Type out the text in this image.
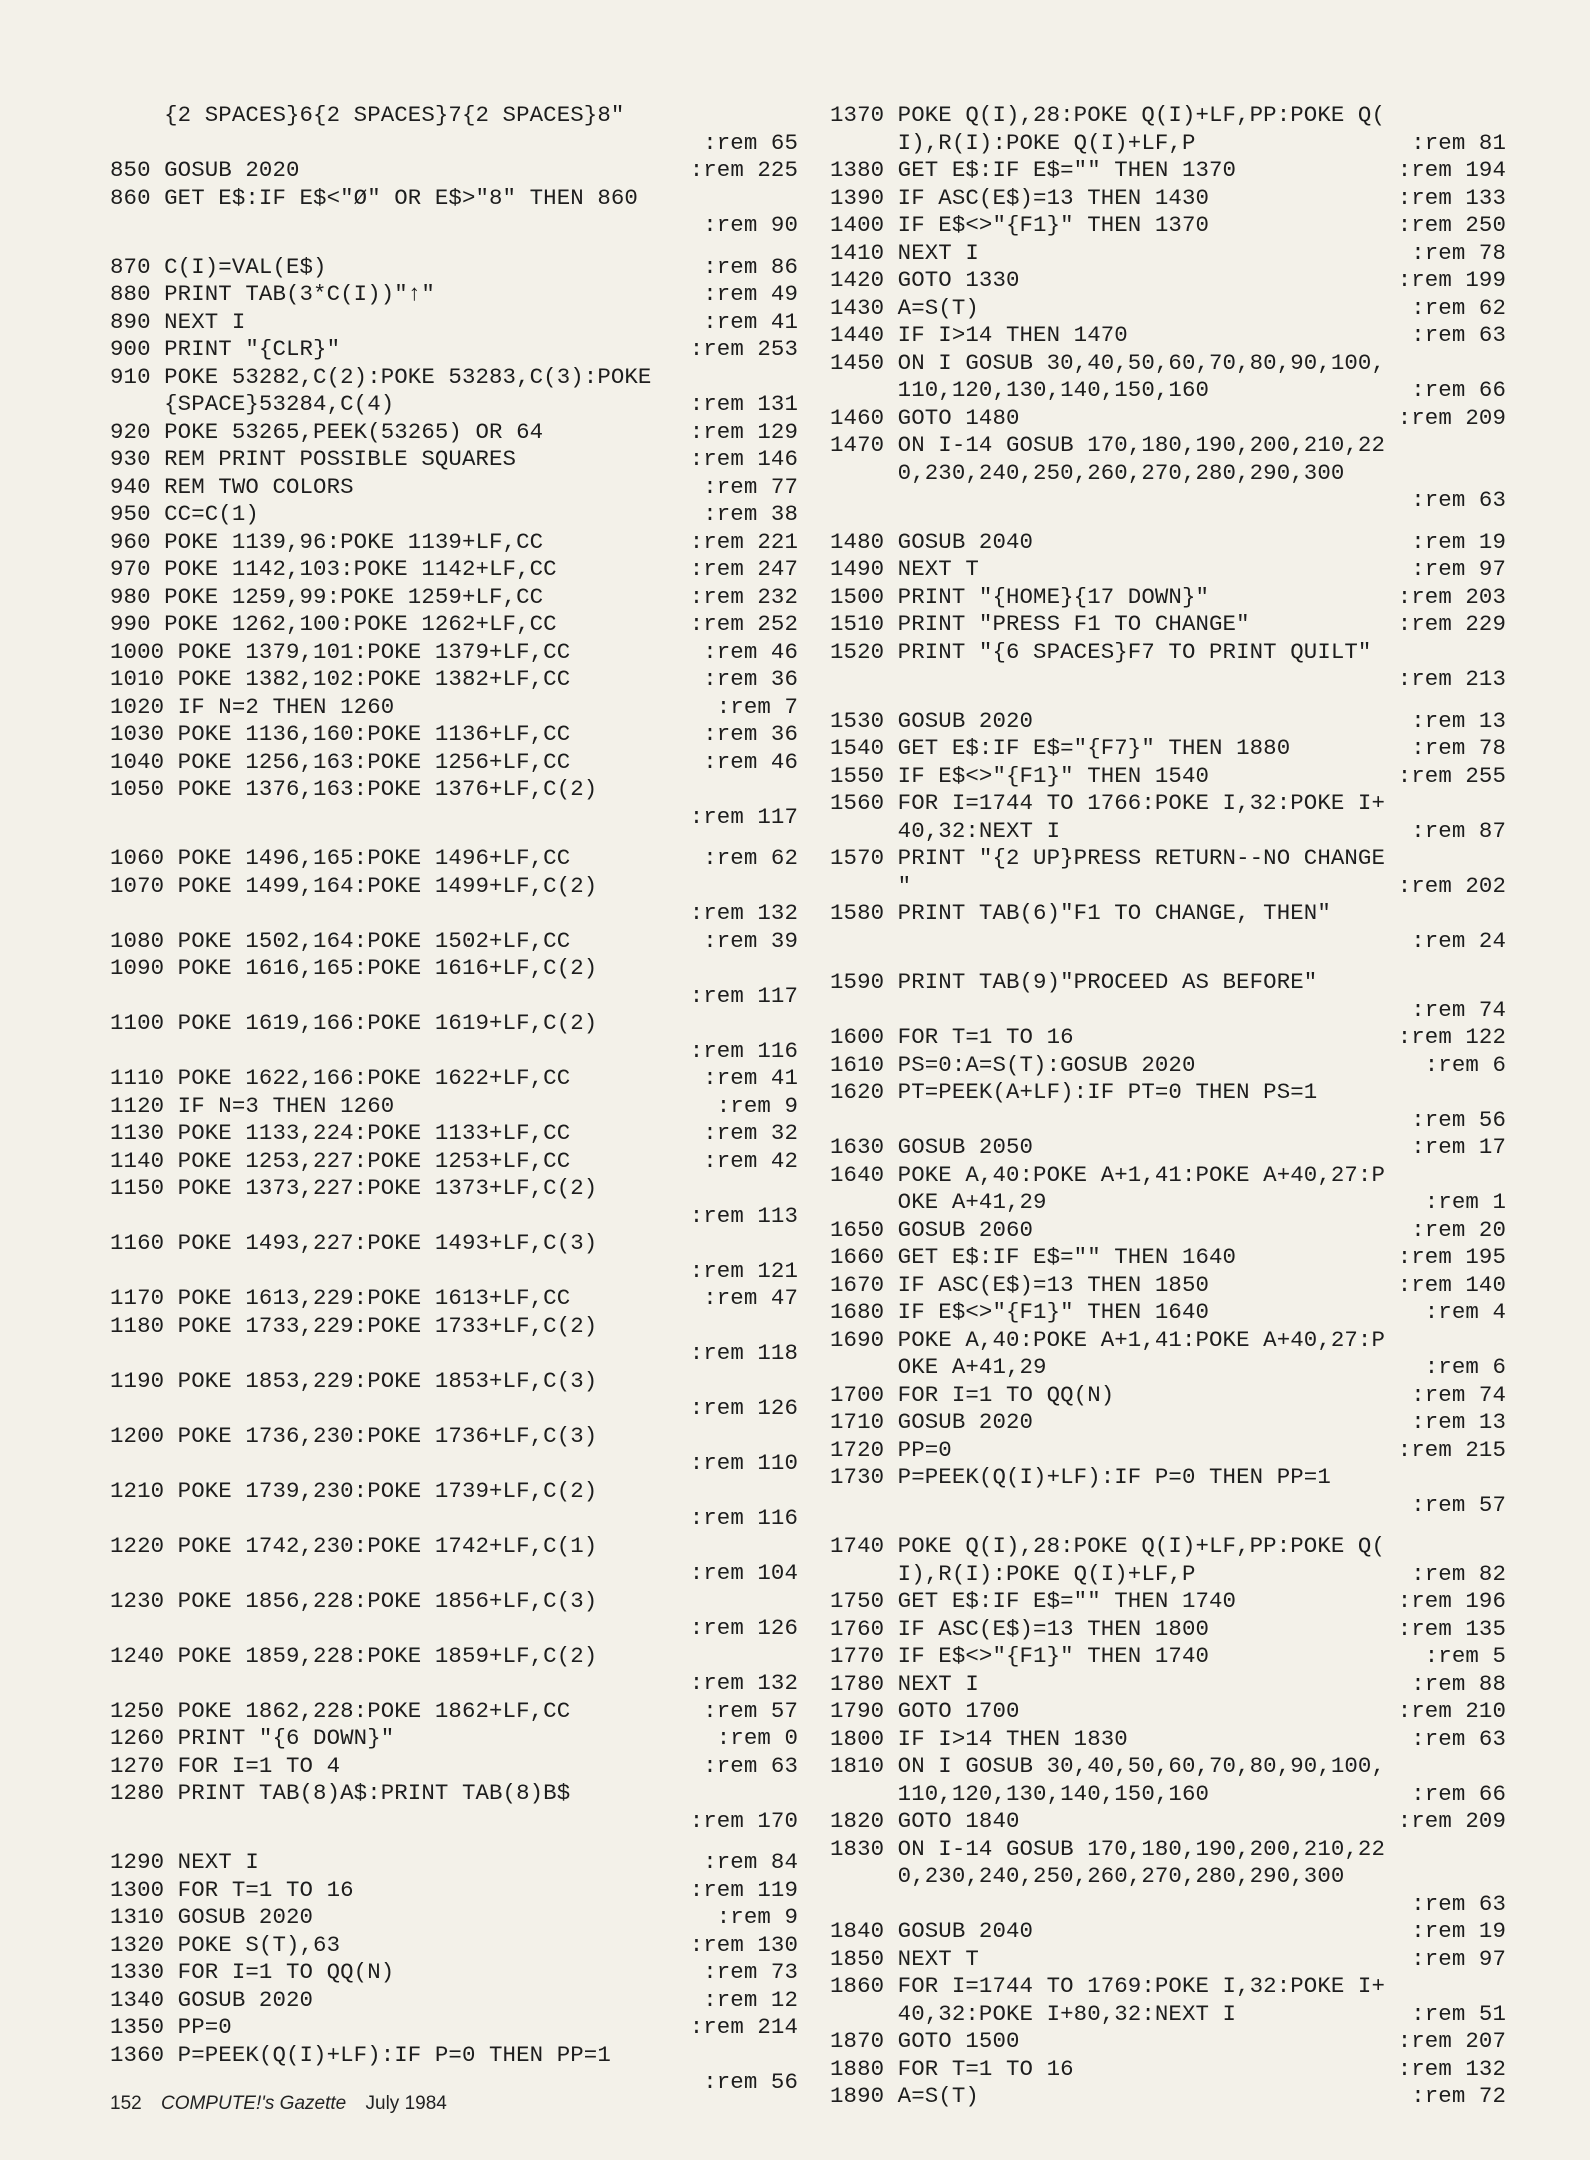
{2 SPACES}6{2 SPACES}7{2 SPACES}8"
:rem 65
850 GOSUB 2020	:rem 225
860 GET E$:IF E$<"Ø" OR E$>"8" THEN 860
:rem 90
870 C(I)=VAL(E$)	:rem 86
880 PRINT TAB(3*C(I))"↑"	:rem 49
890 NEXT I	:rem 41
900 PRINT "{CLR}"	:rem 253
910 POKE 53282,C(2):POKE 53283,C(3):POKE
{SPACE}53284,C(4)	:rem 131
920 POKE 53265,PEEK(53265) OR 64	:rem 129
930 REM PRINT POSSIBLE SQUARES	:rem 146
940 REM TWO COLORS	:rem 77
950 CC=C(1)	:rem 38
960 POKE 1139,96:POKE 1139+LF,CC	:rem 221
970 POKE 1142,103:POKE 1142+LF,CC	:rem 247
980 POKE 1259,99:POKE 1259+LF,CC	:rem 232
990 POKE 1262,100:POKE 1262+LF,CC	:rem 252
1000 POKE 1379,101:POKE 1379+LF,CC	:rem 46
1010 POKE 1382,102:POKE 1382+LF,CC	:rem 36
1020 IF N=2 THEN 1260	:rem 7
1030 POKE 1136,160:POKE 1136+LF,CC	:rem 36
1040 POKE 1256,163:POKE 1256+LF,CC	:rem 46
1050 POKE 1376,163:POKE 1376+LF,C(2)
:rem 117
1060 POKE 1496,165:POKE 1496+LF,CC	:rem 62
1070 POKE 1499,164:POKE 1499+LF,C(2)
:rem 132
1080 POKE 1502,164:POKE 1502+LF,CC	:rem 39
1090 POKE 1616,165:POKE 1616+LF,C(2)
:rem 117
1100 POKE 1619,166:POKE 1619+LF,C(2)
:rem 116
1110 POKE 1622,166:POKE 1622+LF,CC	:rem 41
1120 IF N=3 THEN 1260	:rem 9
1130 POKE 1133,224:POKE 1133+LF,CC	:rem 32
1140 POKE 1253,227:POKE 1253+LF,CC	:rem 42
1150 POKE 1373,227:POKE 1373+LF,C(2)
:rem 113
1160 POKE 1493,227:POKE 1493+LF,C(3)
:rem 121
1170 POKE 1613,229:POKE 1613+LF,CC	:rem 47
1180 POKE 1733,229:POKE 1733+LF,C(2)
:rem 118
1190 POKE 1853,229:POKE 1853+LF,C(3)
:rem 126
1200 POKE 1736,230:POKE 1736+LF,C(3)
:rem 110
1210 POKE 1739,230:POKE 1739+LF,C(2)
:rem 116
1220 POKE 1742,230:POKE 1742+LF,C(1)
:rem 104
1230 POKE 1856,228:POKE 1856+LF,C(3)
:rem 126
1240 POKE 1859,228:POKE 1859+LF,C(2)
:rem 132
1250 POKE 1862,228:POKE 1862+LF,CC	:rem 57
1260 PRINT "{6 DOWN}"	:rem 0
1270 FOR I=1 TO 4	:rem 63
1280 PRINT TAB(8)A$:PRINT TAB(8)B$
:rem 170
1290 NEXT I	:rem 84
1300 FOR T=1 TO 16	:rem 119
1310 GOSUB 2020	:rem 9
1320 POKE S(T),63	:rem 130
1330 FOR I=1 TO QQ(N)	:rem 73
1340 GOSUB 2020	:rem 12
1350 PP=0	:rem 214
1360 P=PEEK(Q(I)+LF):IF P=0 THEN PP=1
:rem 56
1370 POKE Q(I),28:POKE Q(I)+LF,PP:POKE Q(
I),R(I):POKE Q(I)+LF,P	:rem 81
1380 GET E$:IF E$="" THEN 1370	:rem 194
1390 IF ASC(E$)=13 THEN 1430	:rem 133
1400 IF E$<>"{F1}" THEN 1370	:rem 250
1410 NEXT I	:rem 78
1420 GOTO 1330	:rem 199
1430 A=S(T)	:rem 62
1440 IF I>14 THEN 1470	:rem 63
1450 ON I GOSUB 30,40,50,60,70,80,90,100,
110,120,130,140,150,160	:rem 66
1460 GOTO 1480	:rem 209
1470 ON I-14 GOSUB 170,180,190,200,210,22
0,230,240,250,260,270,280,290,300
:rem 63
1480 GOSUB 2040	:rem 19
1490 NEXT T	:rem 97
1500 PRINT "{HOME}{17 DOWN}"	:rem 203
1510 PRINT "PRESS F1 TO CHANGE"	:rem 229
1520 PRINT "{6 SPACES}F7 TO PRINT QUILT"
:rem 213
1530 GOSUB 2020	:rem 13
1540 GET E$:IF E$="{F7}" THEN 1880	:rem 78
1550 IF E$<>"{F1}" THEN 1540	:rem 255
1560 FOR I=1744 TO 1766:POKE I,32:POKE I+
40,32:NEXT I	:rem 87
1570 PRINT "{2 UP}PRESS RETURN--NO CHANGE
"	:rem 202
1580 PRINT TAB(6)"F1 TO CHANGE, THEN"
:rem 24
1590 PRINT TAB(9)"PROCEED AS BEFORE"
:rem 74
1600 FOR T=1 TO 16	:rem 122
1610 PS=0:A=S(T):GOSUB 2020	:rem 6
1620 PT=PEEK(A+LF):IF PT=0 THEN PS=1
:rem 56
1630 GOSUB 2050	:rem 17
1640 POKE A,40:POKE A+1,41:POKE A+40,27:P
OKE A+41,29	:rem 1
1650 GOSUB 2060	:rem 20
1660 GET E$:IF E$="" THEN 1640	:rem 195
1670 IF ASC(E$)=13 THEN 1850	:rem 140
1680 IF E$<>"{F1}" THEN 1640	:rem 4
1690 POKE A,40:POKE A+1,41:POKE A+40,27:P
OKE A+41,29	:rem 6
1700 FOR I=1 TO QQ(N)	:rem 74
1710 GOSUB 2020	:rem 13
1720 PP=0	:rem 215
1730 P=PEEK(Q(I)+LF):IF P=0 THEN PP=1
:rem 57
1740 POKE Q(I),28:POKE Q(I)+LF,PP:POKE Q(
I),R(I):POKE Q(I)+LF,P	:rem 82
1750 GET E$:IF E$="" THEN 1740	:rem 196
1760 IF ASC(E$)=13 THEN 1800	:rem 135
1770 IF E$<>"{F1}" THEN 1740	:rem 5
1780 NEXT I	:rem 88
1790 GOTO 1700	:rem 210
1800 IF I>14 THEN 1830	:rem 63
1810 ON I GOSUB 30,40,50,60,70,80,90,100,
110,120,130,140,150,160	:rem 66
1820 GOTO 1840	:rem 209
1830 ON I-14 GOSUB 170,180,190,200,210,22
0,230,240,250,260,270,280,290,300
:rem 63
1840 GOSUB 2040	:rem 19
1850 NEXT T	:rem 97
1860 FOR I=1744 TO 1769:POKE I,32:POKE I+
40,32:POKE I+80,32:NEXT I	:rem 51
1870 GOTO 1500	:rem 207
1880 FOR T=1 TO 16	:rem 132
1890 A=S(T)	:rem 72
152 COMPUTE!'s Gazette July 1984
